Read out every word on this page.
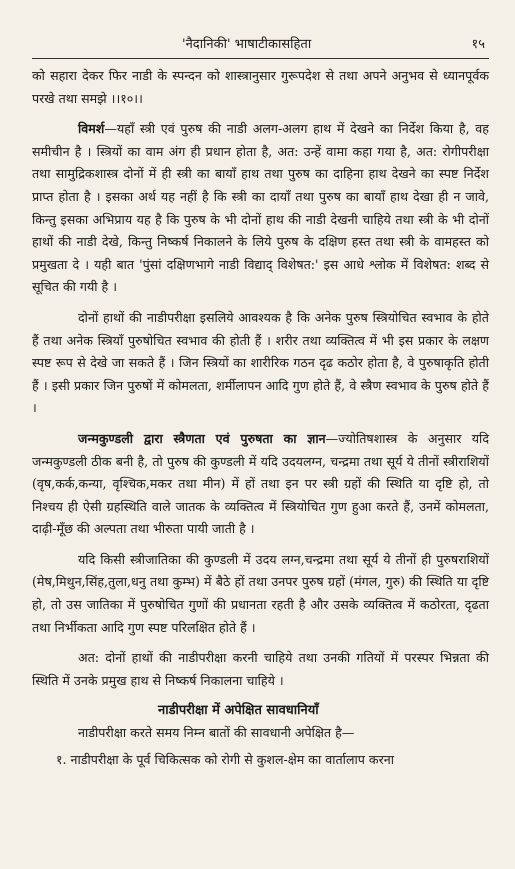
'नैदानिकी' भाषाटीकासहिता	१५

को सहारा देकर फिर नाडी के स्पन्दन को शास्त्रानुसार गुरूपदेश से तथा अपने अनुभव से ध्यानपूर्वक परखे तथा समझे ।।१०।।

विमर्श—यहाँ स्त्री एवं पुरुष की नाडी अलग-अलग हाथ में देखने का निर्देश किया है, वह समीचीन है । स्त्रियों का वाम अंग ही प्रधान होता है, अत: उन्हें वामा कहा गया है, अत: रोगीपरीक्षा तथा सामुद्रिकशास्त्र दोनों में ही स्त्री का बायाँ हाथ तथा पुरुष का दाहिना हाथ देखने का स्पष्ट निर्देश प्राप्त होता है । इसका अर्थ यह नहीं है कि स्त्री का दायाँ तथा पुरुष का बायाँ हाथ देखा ही न जावे, किन्तु इसका अभिप्राय यह है कि पुरुष के भी दोनों हाथ की नाडी देखनी चाहिये तथा स्त्री के भी दोनों हाथों की नाडी देखे, किन्तु निष्कर्ष निकालने के लिये पुरुष के दक्षिण हस्त तथा स्त्री के वामहस्त को प्रमुखता दे । यही बात 'पुंसां दक्षिणभागे नाडी विद्याद् विशेषत:' इस आधे श्लोक में विशेषत: शब्द से सूचित की गयी है ।

दोनों हाथों की नाडीपरीक्षा इसलिये आवश्यक है कि अनेक पुरुष स्त्रियोचित स्वभाव के होते हैं तथा अनेक स्त्रियाँ पुरुषोचित स्वभाव की होती हैं । शरीर तथा व्यक्तित्व में भी इस प्रकार के लक्षण स्पष्ट रूप से देखे जा सकते हैं । जिन स्त्रियों का शारीरिक गठन दृढ कठोर होता है, वे पुरुषाकृति होती हैं । इसी प्रकार जिन पुरुषों में कोमलता, शर्मीलापन आदि गुण होते हैं, वे स्त्रैण स्वभाव के पुरुष होते हैं ।

जन्मकुण्डली द्वारा स्त्रैणता एवं पुरुषता का ज्ञान—ज्योतिषशास्त्र के अनुसार यदि जन्मकुण्डली ठीक बनी है, तो पुरुष की कुण्डली में यदि उदयलग्न, चन्द्रमा तथा सूर्य ये तीनों स्त्रीराशियों (वृष,कर्क,कन्या, वृश्चिक,मकर तथा मीन) में हों तथा इन पर स्त्री ग्रहों की स्थिति या दृष्टि हो, तो निश्चय ही ऐसी ग्रहस्थिति वाले जातक के व्यक्तित्व में स्त्रियोचित गुण हुआ करते हैं, उनमें कोमलता, दाढ़ी-मूँछ की अल्पता तथा भीरुता पायी जाती है ।

यदि किसी स्त्रीजातिका की कुण्डली में उदय लग्न,चन्द्रमा तथा सूर्य ये तीनों ही पुरुषराशियों (मेष,मिथुन,सिंह,तुला,धनु तथा कुम्भ) में बैठे हों तथा उनपर पुरुष ग्रहों (मंगल, गुरु) की स्थिति या दृष्टि हो, तो उस जातिका में पुरुषोचित गुणों की प्रधानता रहती है और उसके व्यक्तित्व में कठोरता, दृढता तथा निर्भीकता आदि गुण स्पष्ट परिलक्षित होते हैं ।

अत: दोनों हाथों की नाडीपरीक्षा करनी चाहिये तथा उनकी गतियों में परस्पर भिन्नता की स्थिति में उनके प्रमुख हाथ से निष्कर्ष निकालना चाहिये ।

नाडीपरीक्षा में अपेक्षित सावधानियाँ

नाडीपरीक्षा करते समय निम्न बातों की सावधानी अपेक्षित है—

१. नाडीपरीक्षा के पूर्व चिकित्सक को रोगी से कुशल-क्षेम का वार्तालाप करना
